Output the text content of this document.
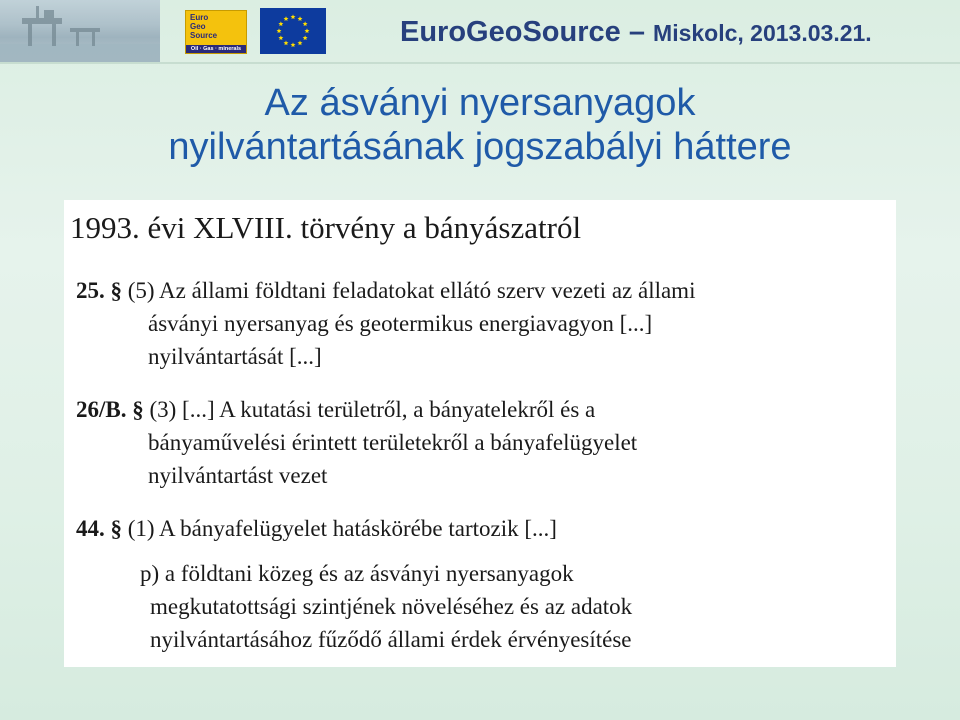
Euro
Geo
Source
Oil · Gas · minerals
EuroGeoSource – Miskolc, 2013.03.21.
Az ásványi nyersanyagok
nyilvántartásának jogszabályi háttere
1993. évi XLVIII. törvény a bányászatról
25. § (5) Az állami földtani feladatokat ellátó szerv vezeti az állami
ásványi nyersanyag és geotermikus energiavagyon [...]
nyilvántartását [...]
26/B. § (3) [...] A kutatási területről, a bányatelekről és a
bányaművelési érintett területekről a bányafelügyelet
nyilvántartást vezet
44. § (1) A bányafelügyelet hatáskörébe tartozik [...]
p) a földtani közeg és az ásványi nyersanyagok
megkutatottsági szintjének növeléséhez és az adatok
nyilvántartásához fűződő állami érdek érvényesítése
